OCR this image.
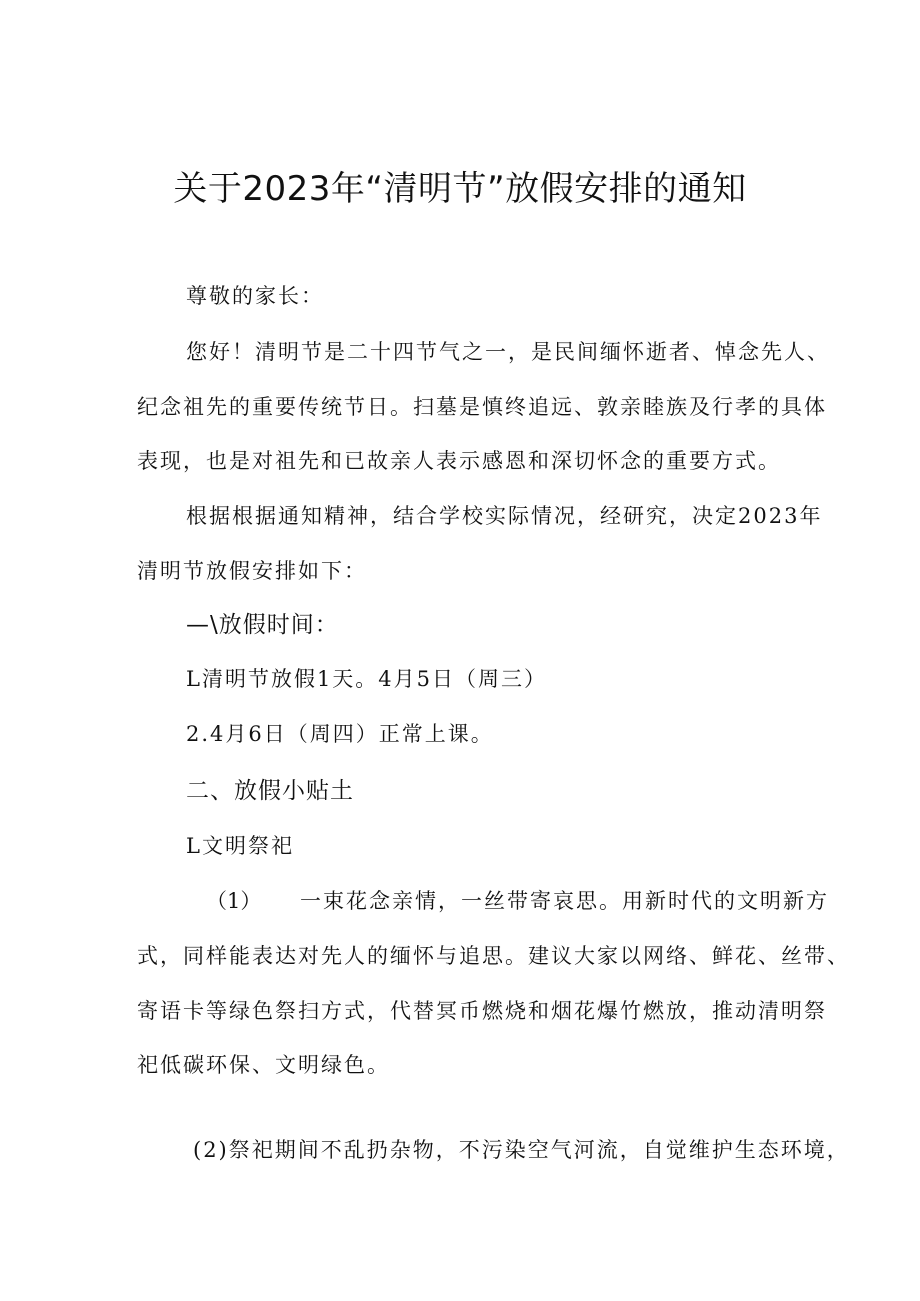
关于2023年“清明节”放假安排的通知
尊敬的家长：
您好！清明节是二十四节气之一，是民间缅怀逝者、悼念先人、
纪念祖先的重要传统节日。扫墓是慎终追远、敦亲睦族及行孝的具体
表现，也是对祖先和已故亲人表示感恩和深切怀念的重要方式。
根据根据通知精神，结合学校实际情况，经研究，决定2023年
清明节放假安排如下：
—\放假时间：
L清明节放假1天。4月5日（周三）
2.4月6日（周四）正常上课。
二、放假小贴土
L文明祭祀
（1） 一束花念亲情，一丝带寄哀思。用新时代的文明新方
式，同样能表达对先人的缅怀与追思。建议大家以网络、鲜花、丝带、
寄语卡等绿色祭扫方式，代替冥币燃烧和烟花爆竹燃放，推动清明祭
祀低碳环保、文明绿色。
(2)祭祀期间不乱扔杂物，不污染空气河流，自觉维护生态环境，
